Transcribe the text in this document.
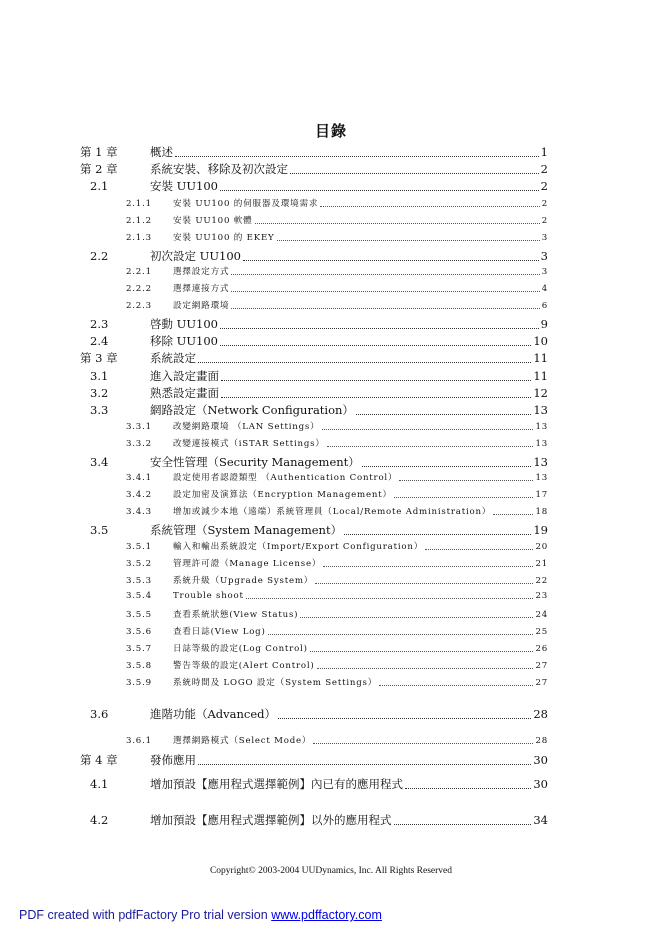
目錄
第 1 章	概述	1
第 2 章	系統安裝、移除及初次設定	2
2.1	安裝 UU100	2
2.1.1	安裝 UU100 的伺服器及環境需求	2
2.1.2	安裝 UU100 軟體	2
2.1.3	安裝 UU100 的 EKEY	3
2.2	初次設定 UU100	3
2.2.1	選擇設定方式	3
2.2.2	選擇連接方式	4
2.2.3	設定網路環境	6
2.3	啓動 UU100	9
2.4	移除 UU100	10
第 3 章	系統設定	11
3.1	進入設定畫面	11
3.2	熟悉設定畫面	12
3.3	網路設定（Network Configuration）	13
3.3.1	改變網路環境 （LAN Settings）	13
3.3.2	改變連接模式（iSTAR Settings）	13
3.4	安全性管理（Security Management）	13
3.4.1	設定使用者認證類型 （Authentication Control）	13
3.4.2	設定加密及演算法（Encryption Management）	17
3.4.3	增加或減少本地（遠端）系統管理員（Local/Remote Administration）	18
3.5	系統管理（System Management）	19
3.5.1	輸入和輸出系統設定（Import/Export Configuration）	20
3.5.2	管理許可證（Manage License）	21
3.5.3	系統升級（Upgrade System）	22
3.5.4	Trouble shoot	23
3.5.5	查看系統狀態(View Status)	24
3.5.6	查看日誌(View Log)	25
3.5.7	日誌等級的設定(Log Control)	26
3.5.8	警告等級的設定(Alert Control)	27
3.5.9	系統時間及 LOGO 設定（System Settings）	27
3.6	進階功能（Advanced）	28
3.6.1	選擇網路模式（Select Mode）	28
第 4 章	發佈應用	30
4.1	增加預設【應用程式選擇範例】內已有的應用程式	30
4.2	增加預設【應用程式選擇範例】以外的應用程式	34
Copyright© 2003-2004 UUDynamics, Inc. All Rights Reserved
PDF created with pdfFactory Pro trial version www.pdffactory.com
